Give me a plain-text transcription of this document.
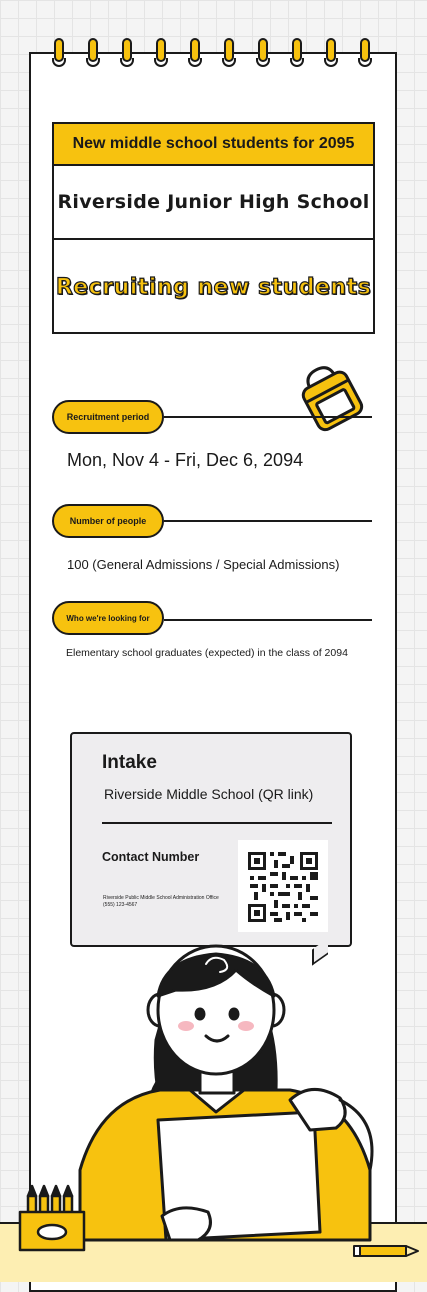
New middle school students for 2095
Riverside Junior High School
Recruiting new students
Recruitment period
Mon, Nov 4 - Fri, Dec 6, 2094
Number of people
100 (General Admissions / Special Admissions)
Who we're looking for
Elementary school graduates (expected) in the class of 2094
Intake
Riverside Middle School (QR link)
Contact Number
Riverside Public Middle School Administration Office
(555) 123-4567
